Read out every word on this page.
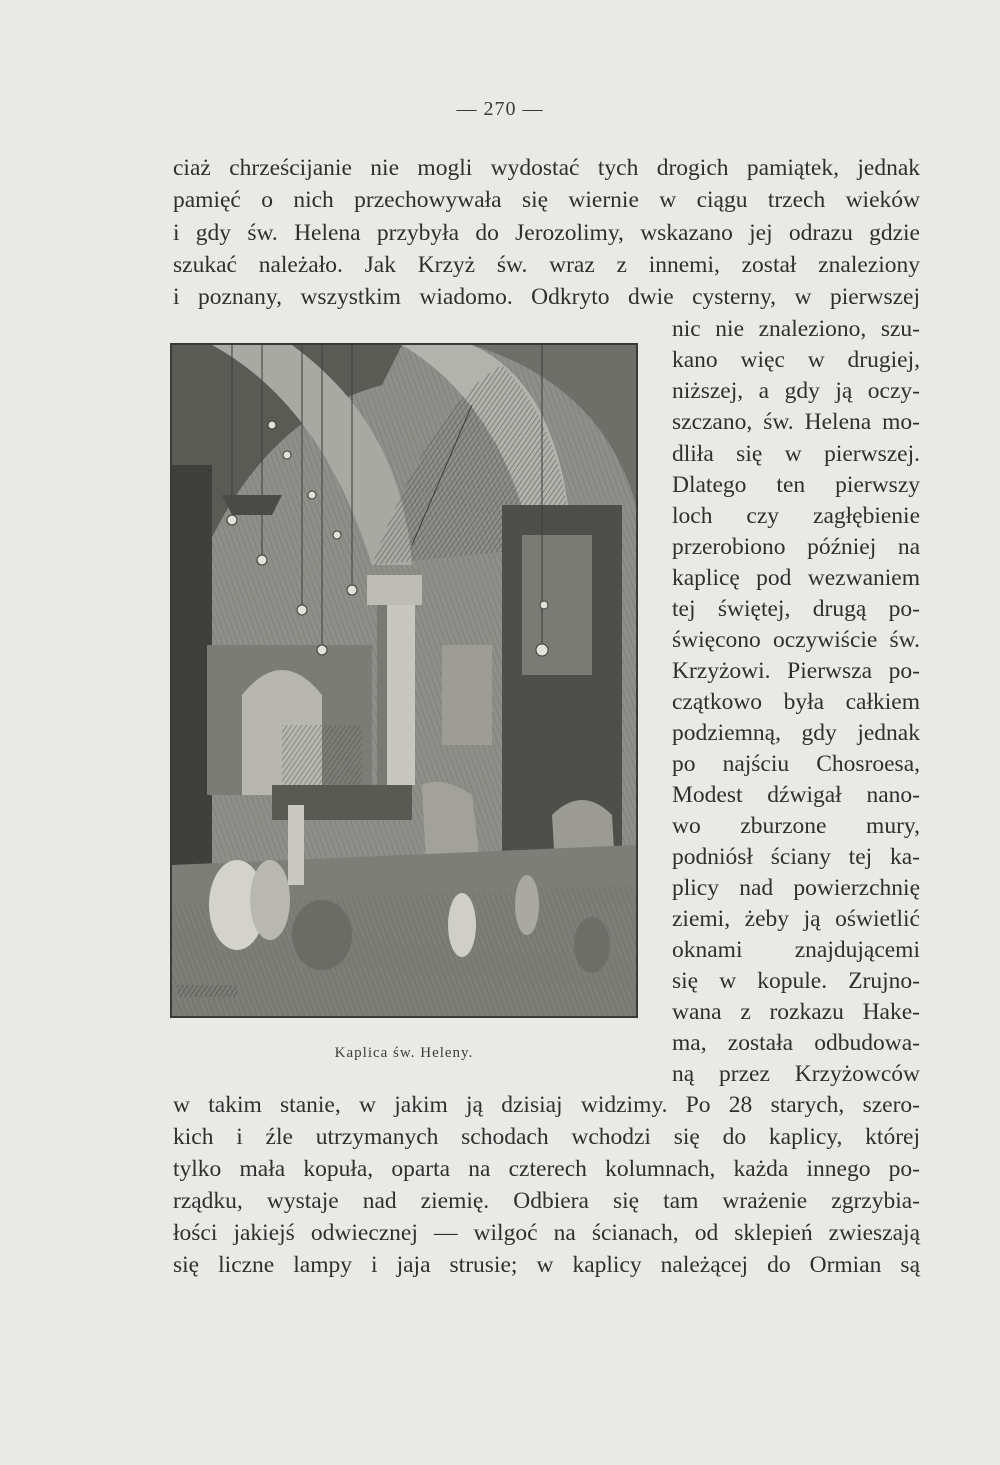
— 270 —
ciaż chrześcijanie nie mogli wydostać tych drogich pamiątek, jednak
pamięć o nich przechowywała się wiernie w ciągu trzech wieków
i gdy św. Helena przybyła do Jerozolimy, wskazano jej odrazu gdzie
szukać należało. Jak Krzyż św. wraz z innemi, został znaleziony
i poznany, wszystkim wiadomo. Odkryto dwie cysterny, w pierwszej
nic nie znaleziono, szu-
kano więc w drugiej,
niższej, a gdy ją oczy-
szczano, św. Helena mo-
dliła się w pierwszej.
Dlatego ten pierwszy
loch czy zagłębienie
przerobiono później na
kaplicę pod wezwaniem
tej świętej, drugą po-
święcono oczywiście św.
Krzyżowi. Pierwsza po-
czątkowo była całkiem
podziemną, gdy jednak
po najściu Chosroesa,
Modest dźwigał nano-
wo zburzone mury,
podniósł ściany tej ka-
plicy nad powierzchnię
ziemi, żeby ją oświetlić
oknami znajdującemi
się w kopule. Zrujno-
wana z rozkazu Hake-
ma, została odbudowa-
ną przez Krzyżowców
w takim stanie, w jakim ją dzisiaj widzimy. Po 28 starych, szero-
kich i źle utrzymanych schodach wchodzi się do kaplicy, której
tylko mała kopuła, oparta na czterech kolumnach, każda innego po-
rządku, wystaje nad ziemię. Odbiera się tam wrażenie zgrzybia-
łości jakiejś odwiecznej — wilgoć na ścianach, od sklepień zwieszają
się liczne lampy i jaja strusie; w kaplicy należącej do Ormian są
Kaplica św. Heleny.
